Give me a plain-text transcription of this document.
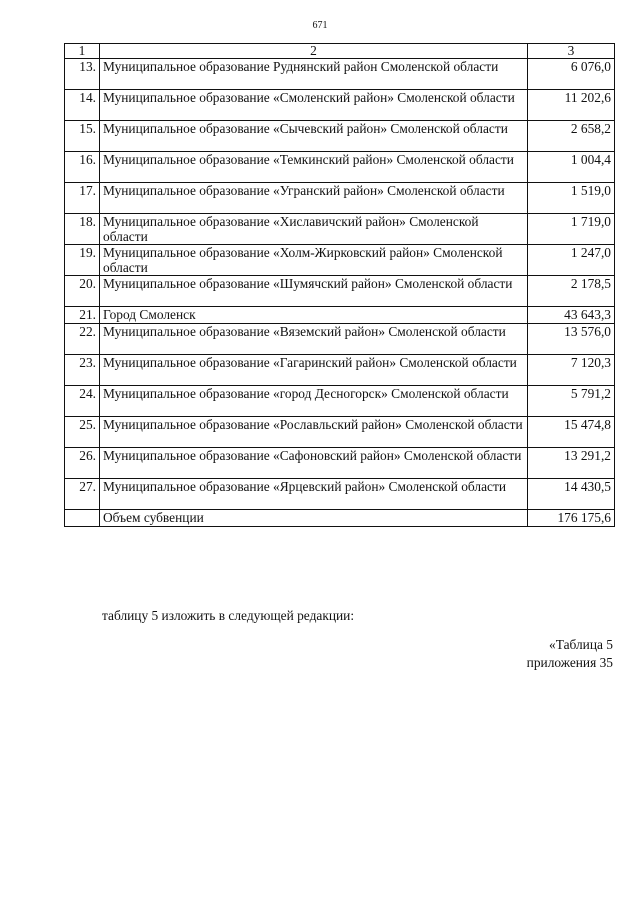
671
1	2	3
13.	Муниципальное образование Руднянский район Смоленской области	6 076,0
14.	Муниципальное образование «Смоленский район» Смоленской области	11 202,6
15.	Муниципальное образование «Сычевский район» Смоленской области	2 658,2
16.	Муниципальное образование «Темкинский район» Смоленской области	1 004,4
17.	Муниципальное образование «Угранский район» Смоленской области	1 519,0
18.	Муниципальное образование «Хиславичский район» Смоленской области	1 719,0
19.	Муниципальное образование «Холм-Жирковский район» Смоленской области	1 247,0
20.	Муниципальное образование «Шумячский район» Смоленской области	2 178,5
21.	Город Смоленск	43 643,3
22.	Муниципальное образование «Вяземский район» Смоленской области	13 576,0
23.	Муниципальное образование «Гагаринский район» Смоленской области	7 120,3
24.	Муниципальное образование «город Десногорск» Смоленской области	5 791,2
25.	Муниципальное образование «Рославльский район» Смоленской области	15 474,8
26.	Муниципальное образование «Сафоновский район» Смоленской области	13 291,2
27.	Муниципальное образование «Ярцевский район» Смоленской области	14 430,5
	Объем субвенции	176 175,6
таблицу 5 изложить в следующей редакции:
«Таблица 5
приложения 35
